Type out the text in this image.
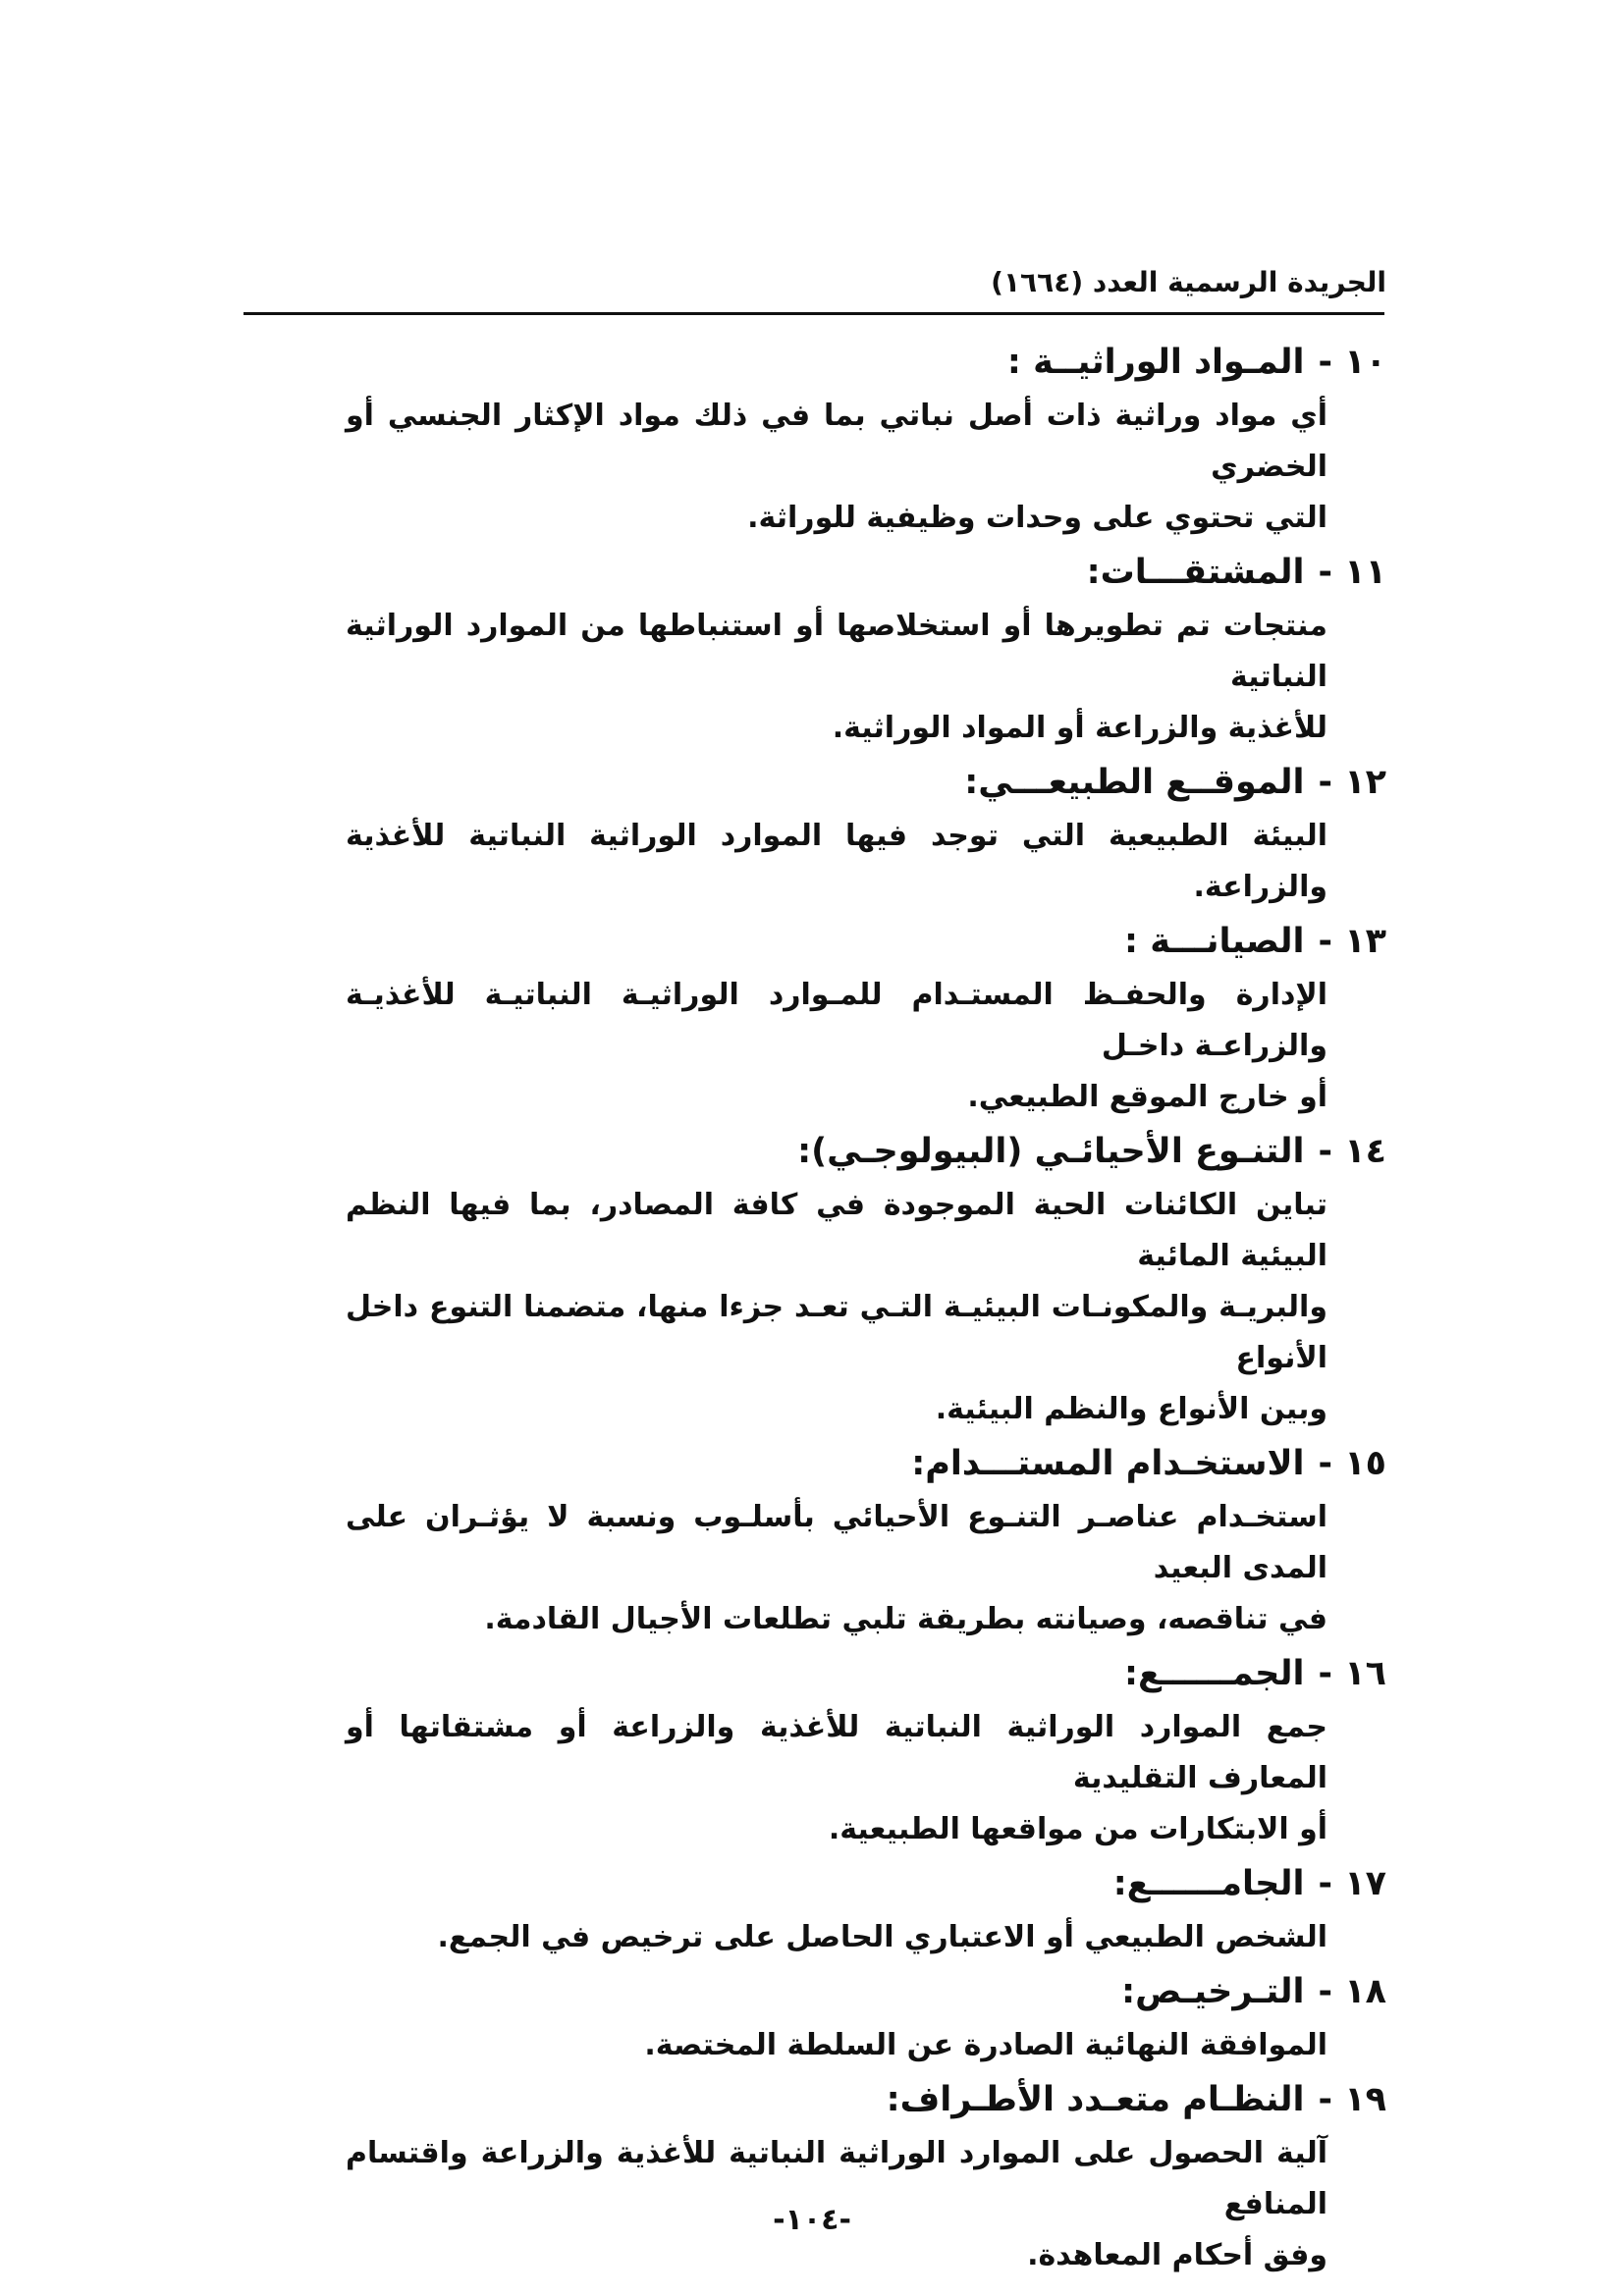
الجريدة الرسمية العدد (١٦٦٤)
١٠ -المـواد الوراثيــة :
أي مواد وراثية ذات أصل نباتي بما في ذلك مواد الإكثار الجنسي أو الخضري
التي تحتوي على وحدات وظيفية للوراثة.
١١ -المشتقـــات:
منتجات تم تطويرها أو استخلاصها أو استنباطها من الموارد الوراثية النباتية
للأغذية والزراعة أو المواد الوراثية.
١٢ -الموقــع الطبيعـــي:
البيئة الطبيعية التي توجد فيها الموارد الوراثية النباتية للأغذية والزراعة.
١٣ -الصيانـــة :
الإدارة والحفـظ المستـدام للمـوارد الوراثيـة النباتيـة للأغذيـة والزراعـة داخـل
أو خارج الموقع الطبيعي.
١٤ -التنـوع الأحيائـي (البيولوجـي):
تباين الكائنات الحية الموجودة في كافة المصادر، بما فيها النظم البيئية المائية
والبريـة والمكونـات البيئيـة التـي تعـد جزءا منها، متضمنا التنوع داخل الأنواع
وبين الأنواع والنظم البيئية.
١٥ -الاستخـدام المستـــدام:
استخـدام عناصـر التنـوع الأحيائي بأسلـوب ونسبة لا يؤثـران على المدى البعيد
في تناقصه، وصيانته بطريقة تلبي تطلعات الأجيال القادمة.
١٦ -الجمــــــع:
جمع الموارد الوراثية النباتية للأغذية والزراعة أو مشتقاتها أو المعارف التقليدية
أو الابتكارات من مواقعها الطبيعية.
١٧ -الجامــــــع:
الشخص الطبيعي أو الاعتباري الحاصل على ترخيص في الجمع.
١٨ -التـرخيـص:
الموافقة النهائية الصادرة عن السلطة المختصة.
١٩ -النظـام متعـدد الأطـراف:
آلية الحصول على الموارد الوراثية النباتية للأغذية والزراعة واقتسام المنافع
وفق أحكام المعاهدة.
-١٠٤-
